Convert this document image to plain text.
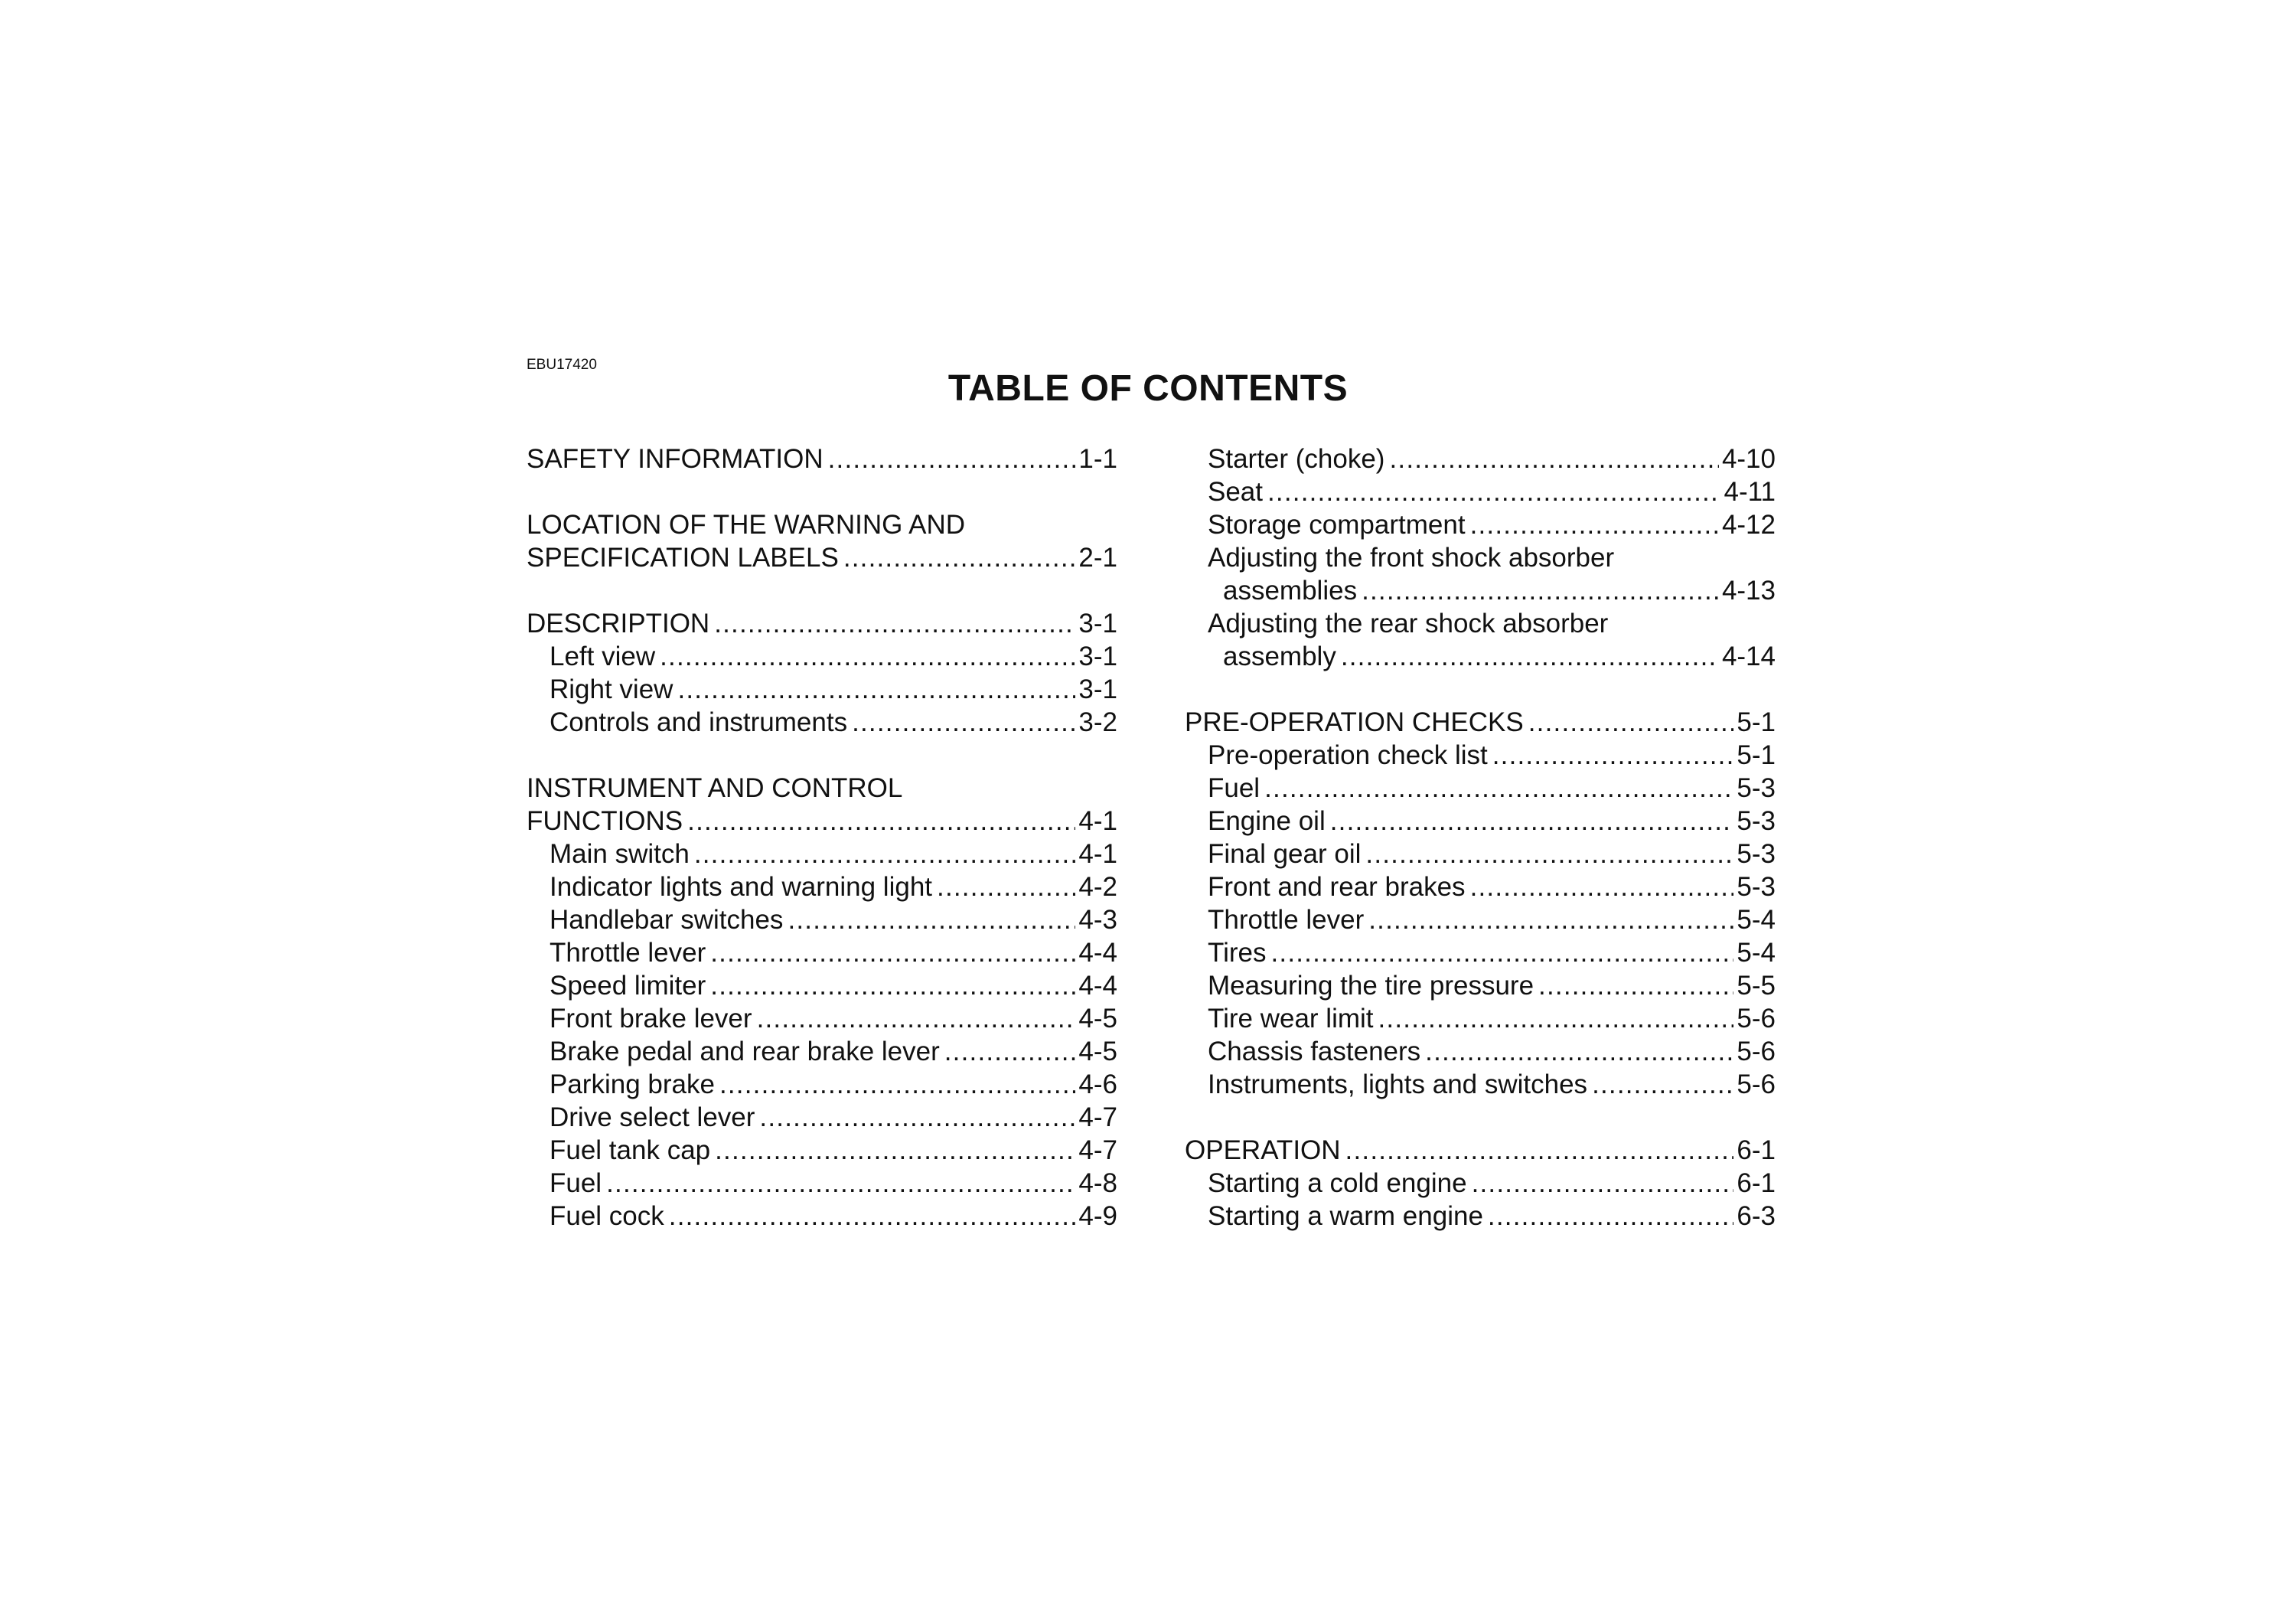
EBU17420
TABLE OF CONTENTS
SAFETY INFORMATION .....	1-1
LOCATION OF THE WARNING AND
SPECIFICATION LABELS .....	2-1
DESCRIPTION .....	3-1
Left view .....	3-1
Right view .....	3-1
Controls and instruments .....	3-2
INSTRUMENT AND CONTROL
FUNCTIONS .....	4-1
Main switch .....	4-1
Indicator lights and warning light .....	4-2
Handlebar switches .....	4-3
Throttle lever .....	4-4
Speed limiter .....	4-4
Front brake lever .....	4-5
Brake pedal and rear brake lever .....	4-5
Parking brake .....	4-6
Drive select lever .....	4-7
Fuel tank cap .....	4-7
Fuel .....	4-8
Fuel cock .....	4-9
Starter (choke) .....	4-10
Seat .....	4-11
Storage compartment .....	4-12
Adjusting the front shock absorber
assemblies .....	4-13
Adjusting the rear shock absorber
assembly .....	4-14
PRE-OPERATION CHECKS .....	5-1
Pre-operation check list .....	5-1
Fuel .....	5-3
Engine oil .....	5-3
Final gear oil .....	5-3
Front and rear brakes .....	5-3
Throttle lever .....	5-4
Tires .....	5-4
Measuring the tire pressure .....	5-5
Tire wear limit .....	5-6
Chassis fasteners .....	5-6
Instruments, lights and switches .....	5-6
OPERATION .....	6-1
Starting a cold engine .....	6-1
Starting a warm engine .....	6-3
